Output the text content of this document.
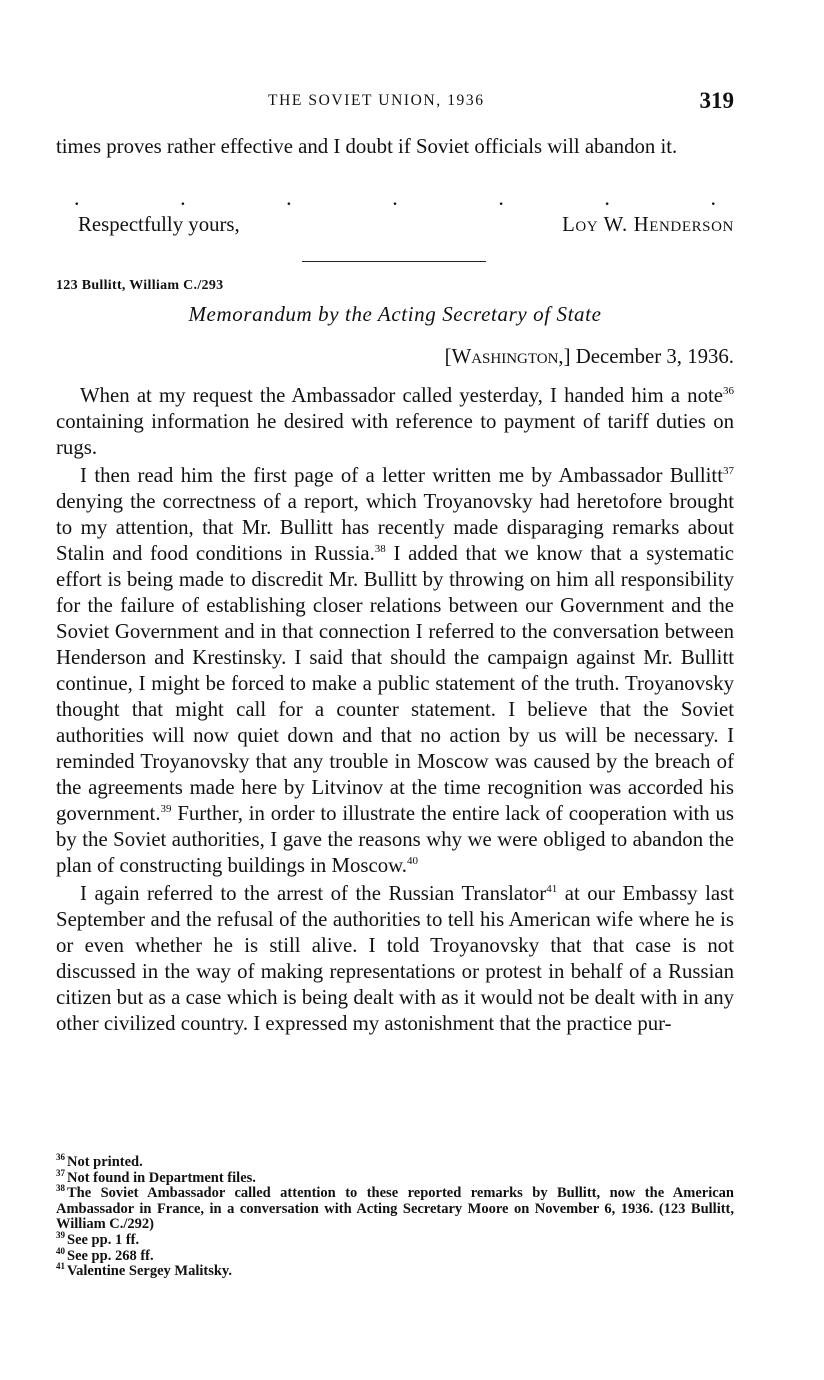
THE SOVIET UNION, 1936	319

times proves rather effective and I doubt if Soviet officials will abandon it.

.	.	.	.	.	.	.
Respectfully yours,	Loy W. Henderson
123 Bullitt, William C./293
Memorandum by the Acting Secretary of State
[Washington,] December 3, 1936.

When at my request the Ambassador called yesterday, I handed him a note$^{36}$ containing information he desired with reference to payment of tariff duties on rugs.

I then read him the first page of a letter written me by Ambassador Bullitt$^{37}$ denying the correctness of a report, which Troyanovsky had heretofore brought to my attention, that Mr. Bullitt has recently made disparaging remarks about Stalin and food conditions in Russia.$^{38}$ I added that we know that a systematic effort is being made to discredit Mr. Bullitt by throwing on him all responsibility for the failure of establishing closer relations between our Government and the Soviet Government and in that connection I referred to the conversation between Henderson and Krestinsky. I said that should the campaign against Mr. Bullitt continue, I might be forced to make a public statement of the truth. Troyanovsky thought that might call for a counter statement. I believe that the Soviet authorities will now quiet down and that no action by us will be necessary. I reminded Troyanovsky that any trouble in Moscow was caused by the breach of the agreements made here by Litvinov at the time recognition was accorded his government.$^{39}$ Further, in order to illustrate the entire lack of cooperation with us by the Soviet authorities, I gave the reasons why we were obliged to abandon the plan of constructing buildings in Moscow.$^{40}$

I again referred to the arrest of the Russian Translator$^{41}$ at our Embassy last September and the refusal of the authorities to tell his American wife where he is or even whether he is still alive. I told Troyanovsky that that case is not discussed in the way of making representations or protest in behalf of a Russian citizen but as a case which is being dealt with as it would not be dealt with in any other civilized country. I expressed my astonishment that the practice pur-

$^{36}$ Not printed.

$^{37}$ Not found in Department files.

$^{38}$ The Soviet Ambassador called attention to these reported remarks by Bullitt, now the American Ambassador in France, in a conversation with Acting Secretary Moore on November 6, 1936. (123 Bullitt, William C./292)

$^{39}$ See pp. 1 ff.

$^{40}$ See pp. 268 ff.

$^{41}$ Valentine Sergey Malitsky.
